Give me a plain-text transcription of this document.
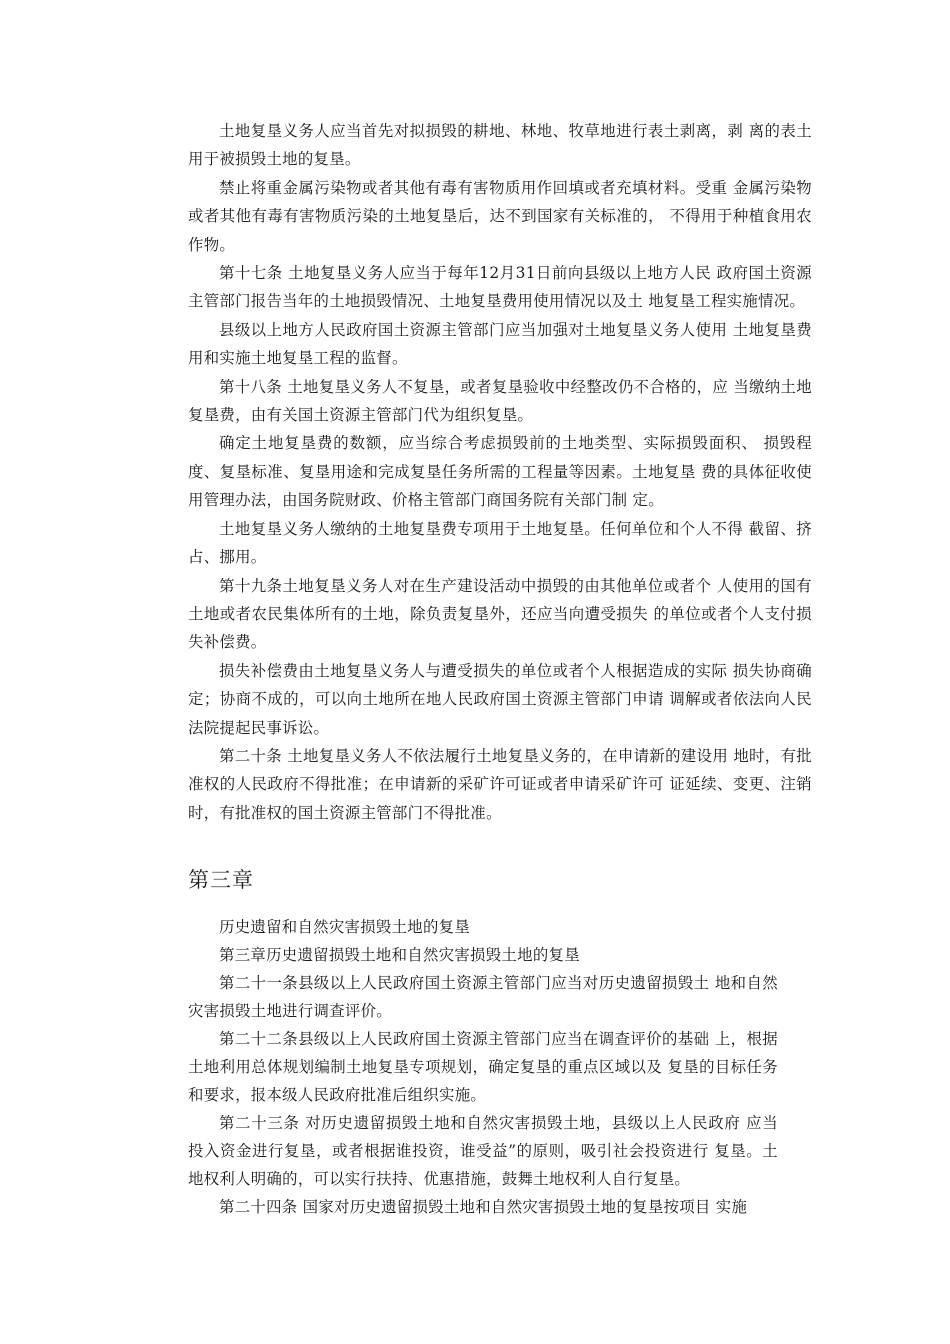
土地复垦义务人应当首先对拟损毁的耕地、林地、牧草地进行表土剥离，剥 离的表土用于被损毁土地的复垦。

禁止将重金属污染物或者其他有毒有害物质用作回填或者充填材料。受重 金属污染物或者其他有毒有害物质污染的土地复垦后，达不到国家有关标准的， 不得用于种植食用农作物。

第十七条 土地复垦义务人应当于每年12月31日前向县级以上地方人民 政府国土资源主管部门报告当年的土地损毁情况、土地复垦费用使用情况以及土 地复垦工程实施情况。

县级以上地方人民政府国土资源主管部门应当加强对土地复垦义务人使用 土地复垦费用和实施土地复垦工程的监督。

第十八条 土地复垦义务人不复垦，或者复垦验收中经整改仍不合格的，应 当缴纳土地复垦费，由有关国土资源主管部门代为组织复垦。

确定土地复垦费的数额，应当综合考虑损毁前的土地类型、实际损毁面积、 损毁程度、复垦标准、复垦用途和完成复垦任务所需的工程量等因素。土地复垦 费的具体征收使用管理办法，由国务院财政、价格主管部门商国务院有关部门制 定。

土地复垦义务人缴纳的土地复垦费专项用于土地复垦。任何单位和个人不得 截留、挤占、挪用。

第十九条土地复垦义务人对在生产建设活动中损毁的由其他单位或者个 人使用的国有土地或者农民集体所有的土地，除负责复垦外，还应当向遭受损失 的单位或者个人支付损失补偿费。

损失补偿费由土地复垦义务人与遭受损失的单位或者个人根据造成的实际 损失协商确定；协商不成的，可以向土地所在地人民政府国土资源主管部门申请 调解或者依法向人民法院提起民事诉讼。

第二十条 土地复垦义务人不依法履行土地复垦义务的，在申请新的建设用 地时，有批准权的人民政府不得批准；在申请新的采矿许可证或者申请采矿许可 证延续、变更、注销时，有批准权的国土资源主管部门不得批准。

第三章

历史遗留和自然灾害损毁土地的复垦

第三章历史遗留损毁土地和自然灾害损毁土地的复垦

第二十一条县级以上人民政府国土资源主管部门应当对历史遗留损毁土 地和自然灾害损毁土地进行调查评价。

第二十二条县级以上人民政府国土资源主管部门应当在调查评价的基础 上，根据土地利用总体规划编制土地复垦专项规划，确定复垦的重点区域以及 复垦的目标任务和要求，报本级人民政府批准后组织实施。

第二十三条 对历史遗留损毁土地和自然灾害损毁土地，县级以上人民政府 应当投入资金进行复垦，或者根据谁投资，谁受益”的原则，吸引社会投资进行 复垦。土地权利人明确的，可以实行扶持、优惠措施，鼓舞土地权利人自行复垦。

第二十四条 国家对历史遗留损毁土地和自然灾害损毁土地的复垦按项目 实施
